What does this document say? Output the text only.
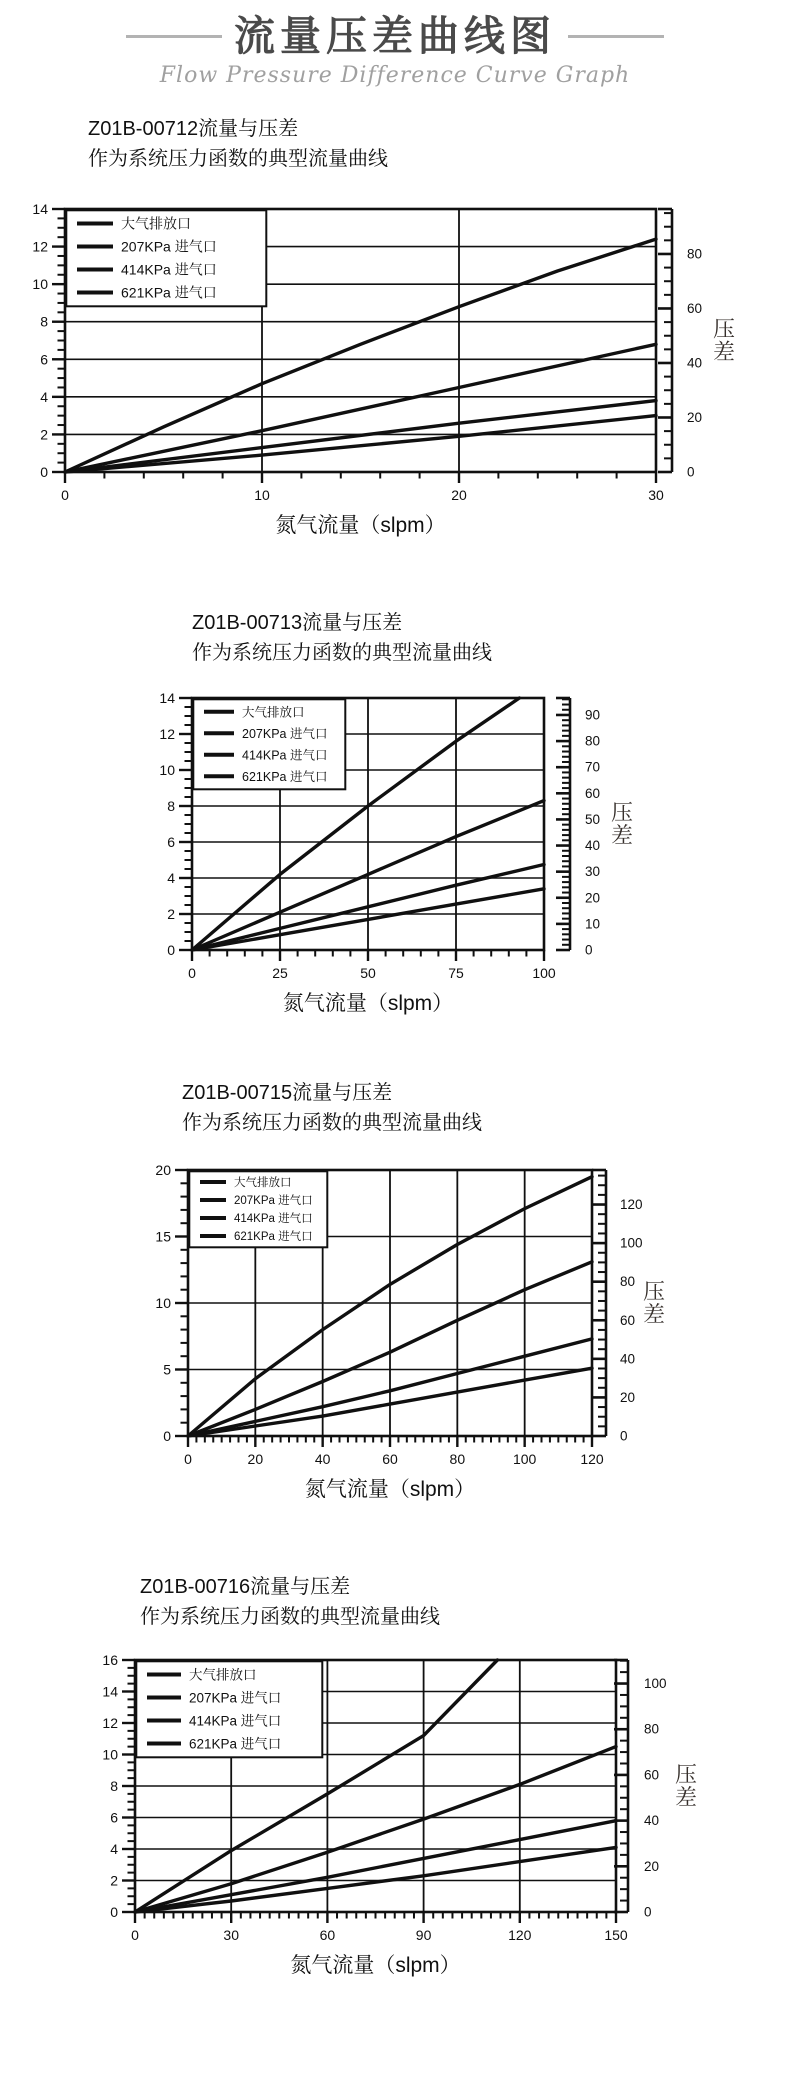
流量压差曲线图
Flow Pressure Difference Curve Graph
Z01B-00712流量与压差
作为系统压力函数的典型流量曲线
0
2
4
6
8
10
12
14
0	10	20	30
0
20
40
60
80
压差
大气排放口
207KPa 进气口
414KPa 进气口
621KPa 进气口
氮气流量（slpm）
Z01B-00713流量与压差
作为系统压力函数的典型流量曲线
0
2
4
6
8
10
12
14
0	25	50	75	100
0
10
20
30
40
50
60
70
80
90
压差
大气排放口
207KPa 进气口
414KPa 进气口
621KPa 进气口
氮气流量（slpm）
Z01B-00715流量与压差
作为系统压力函数的典型流量曲线
0
5
10
15
20
0	20	40	60	80	100	120
0
20
40
60
80
100
120
压差
大气排放口
207KPa 进气口
414KPa 进气口
621KPa 进气口
氮气流量（slpm）
Z01B-00716流量与压差
作为系统压力函数的典型流量曲线
0
2
4
6
8
10
12
14
16
0	30	60	90	120	150
0
20
40
60
80
100
压差
大气排放口
207KPa 进气口
414KPa 进气口
621KPa 进气口
氮气流量（slpm）
